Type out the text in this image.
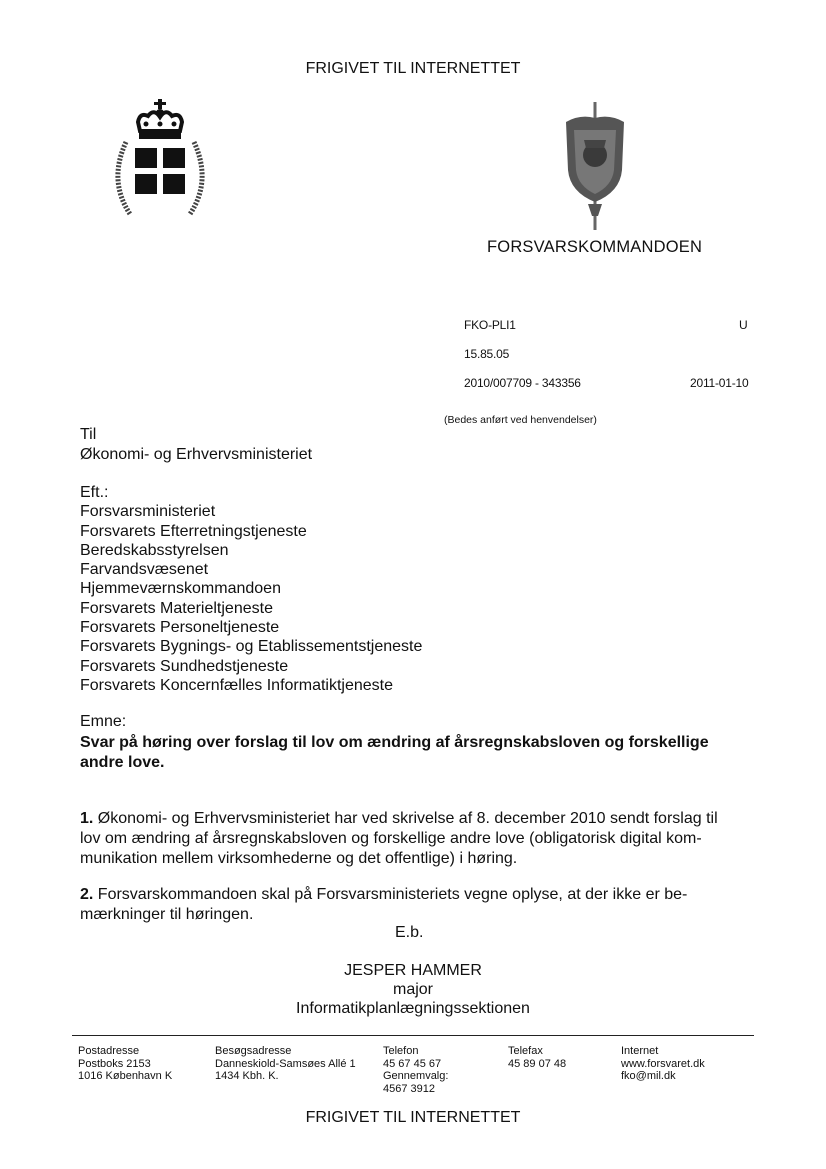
FRIGIVET TIL INTERNETTET
FORSVARSKOMMANDOEN
FKO-PLI1	U
15.85.05
2010/007709 - 343356	2011-01-10
(Bedes anført ved henvendelser)
Til
Økonomi- og Erhvervsministeriet
Eft.:
Forsvarsministeriet
Forsvarets Efterretningstjeneste
Beredskabsstyrelsen
Farvandsvæsenet
Hjemmeværnskommandoen
Forsvarets Materieltjeneste
Forsvarets Personeltjeneste
Forsvarets Bygnings- og Etablissementstjeneste
Forsvarets Sundhedstjeneste
Forsvarets Koncernfælles Informatiktjeneste
Emne:
Svar på høring over forslag til lov om ændring af årsregnskabsloven og forskellige
andre love.
1. Økonomi- og Erhvervsministeriet har ved skrivelse af 8. december 2010 sendt forslag til
lov om ændring af årsregnskabsloven og forskellige andre love (obligatorisk digital kom-
munikation mellem virksomhederne og det offentlige) i høring.
2. Forsvarskommandoen skal på Forsvarsministeriets vegne oplyse, at der ikke er be-
mærkninger til høringen.
E.b.
JESPER HAMMER
major
Informatikplanlægningssektionen
Postadresse
Postboks 2153
1016 København K
Besøgsadresse
Danneskiold-Samsøes Allé 1
1434 Kbh. K.
Telefon
45 67 45 67
Gennemvalg:
4567 3912
Telefax
45 89 07 48
Internet
www.forsvaret.dk
fko@mil.dk
FRIGIVET TIL INTERNETTET
